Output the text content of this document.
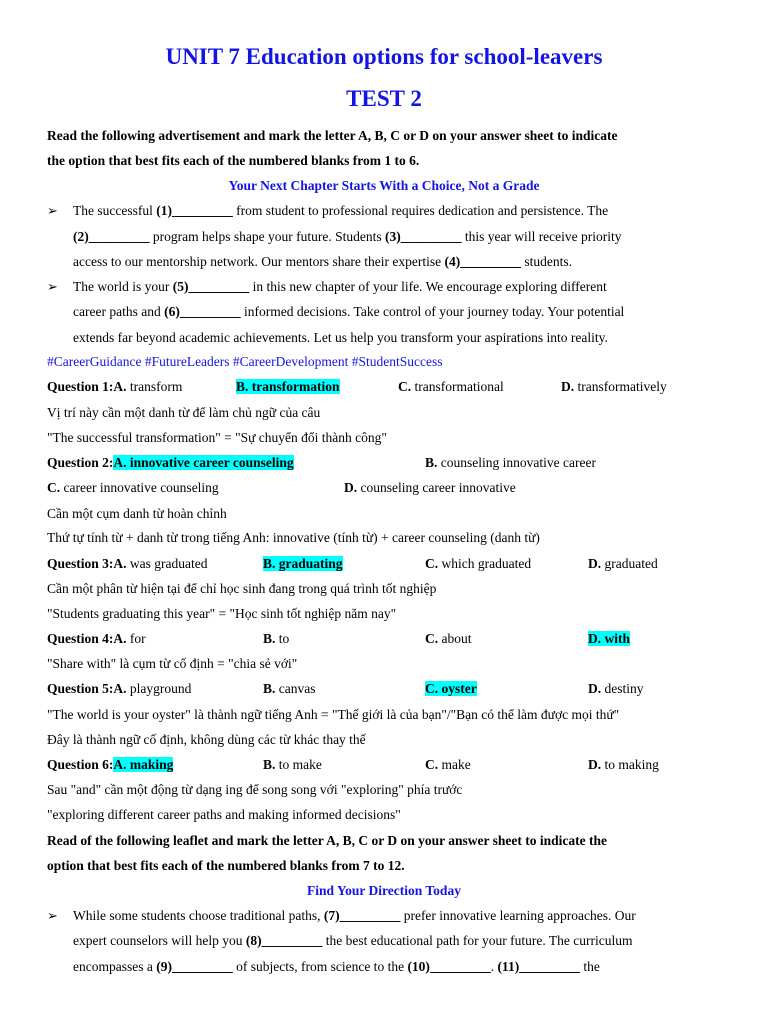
UNIT 7 Education options for school-leavers
TEST 2
Read the following advertisement and mark the letter A, B, C or D on your answer sheet to indicate
the option that best fits each of the numbered blanks from 1 to 6.
Your Next Chapter Starts With a Choice, Not a Grade
➢ The successful (1)_________ from student to professional requires dedication and persistence. The
(2)_________ program helps shape your future. Students (3)_________ this year will receive priority
access to our mentorship network. Our mentors share their expertise (4)_________ students.
➢ The world is your (5)_________ in this new chapter of your life. We encourage exploring different
career paths and (6)_________ informed decisions. Take control of your journey today. Your potential
extends far beyond academic achievements. Let us help you transform your aspirations into reality.
#CareerGuidance #FutureLeaders #CareerDevelopment #StudentSuccess
Question 1:A. transform	B. transformation	C. transformational	D. transformatively
Vị trí này cần một danh từ để làm chủ ngữ của câu
"The successful transformation" = "Sự chuyển đổi thành công"
Question 2:A. innovative career counseling	B. counseling innovative career
C. career innovative counseling	D. counseling career innovative
Cần một cụm danh từ hoàn chỉnh
Thứ tự tính từ + danh từ trong tiếng Anh: innovative (tính từ) + career counseling (danh từ)
Question 3:A. was graduated	B. graduating	C. which graduated	D. graduated
Cần một phân từ hiện tại để chỉ học sinh đang trong quá trình tốt nghiệp
"Students graduating this year" = "Học sinh tốt nghiệp năm nay"
Question 4:A. for	B. to	C. about	D. with
"Share with" là cụm từ cố định = "chia sẻ với"
Question 5:A. playground	B. canvas	C. oyster	D. destiny
"The world is your oyster" là thành ngữ tiếng Anh = "Thế giới là của bạn"/"Bạn có thể làm được mọi thứ"
Đây là thành ngữ cố định, không dùng các từ khác thay thế
Question 6:A. making	B. to make	C. make	D. to making
Sau "and" cần một động từ dạng ing để song song với "exploring" phía trước
"exploring different career paths and making informed decisions"
Read of the following leaflet and mark the letter A, B, C or D on your answer sheet to indicate the
option that best fits each of the numbered blanks from 7 to 12.
Find Your Direction Today
➢ While some students choose traditional paths, (7)_________ prefer innovative learning approaches. Our
expert counselors will help you (8)_________ the best educational path for your future. The curriculum
encompasses a (9)_________ of subjects, from science to the (10)_________. (11)_________ the
